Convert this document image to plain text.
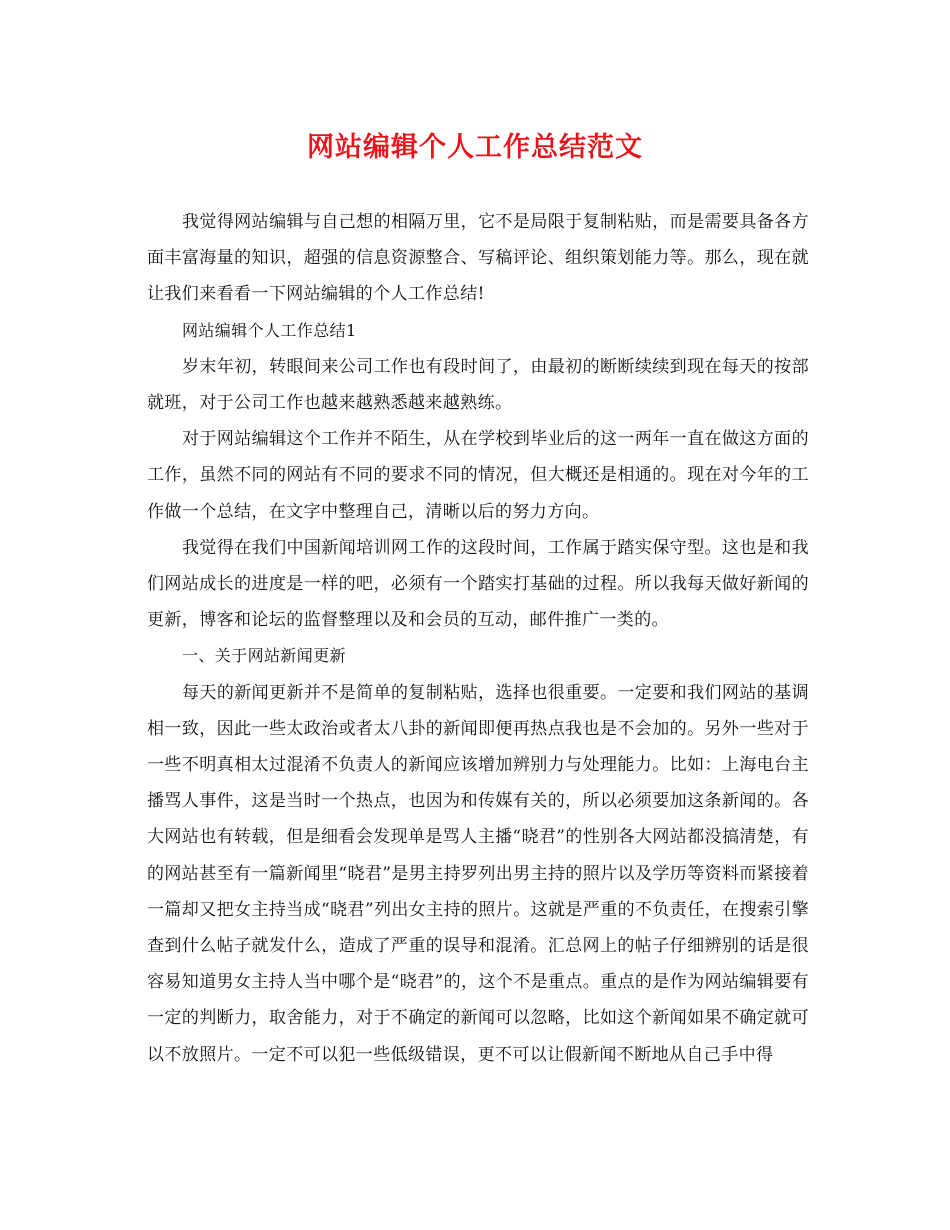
网站编辑个人工作总结范文

我觉得网站编辑与自己想的相隔万里，它不是局限于复制粘贴，而是需要具备各方面丰富海量的知识，超强的信息资源整合、写稿评论、组织策划能力等。那么，现在就让我们来看看一下网站编辑的个人工作总结!

网站编辑个人工作总结1

岁末年初，转眼间来公司工作也有段时间了，由最初的断断续续到现在每天的按部就班，对于公司工作也越来越熟悉越来越熟练。

对于网站编辑这个工作并不陌生，从在学校到毕业后的这一两年一直在做这方面的工作，虽然不同的网站有不同的要求不同的情况，但大概还是相通的。现在对今年的工作做一个总结，在文字中整理自己，清晰以后的努力方向。

我觉得在我们中国新闻培训网工作的这段时间，工作属于踏实保守型。这也是和我们网站成长的进度是一样的吧，必须有一个踏实打基础的过程。所以我每天做好新闻的更新，博客和论坛的监督整理以及和会员的互动，邮件推广一类的。

一、关于网站新闻更新

每天的新闻更新并不是简单的复制粘贴，选择也很重要。一定要和我们网站的基调相一致，因此一些太政治或者太八卦的新闻即便再热点我也是不会加的。另外一些对于一些不明真相太过混淆不负责人的新闻应该增加辨别力与处理能力。比如：上海电台主播骂人事件，这是当时一个热点，也因为和传媒有关的，所以必须要加这条新闻的。各大网站也有转载，但是细看会发现单是骂人主播“晓君”的性别各大网站都没搞清楚，有的网站甚至有一篇新闻里“晓君”是男主持罗列出男主持的照片以及学历等资料而紧接着一篇却又把女主持当成“晓君”列出女主持的照片。这就是严重的不负责任，在搜索引擎查到什么帖子就发什么，造成了严重的误导和混淆。汇总网上的帖子仔细辨别的话是很容易知道男女主持人当中哪个是“晓君”的，这个不是重点。重点的是作为网站编辑要有一定的判断力，取舍能力，对于不确定的新闻可以忽略，比如这个新闻如果不确定就可以不放照片。一定不可以犯一些低级错误，更不可以让假新闻不断地从自己手中得
